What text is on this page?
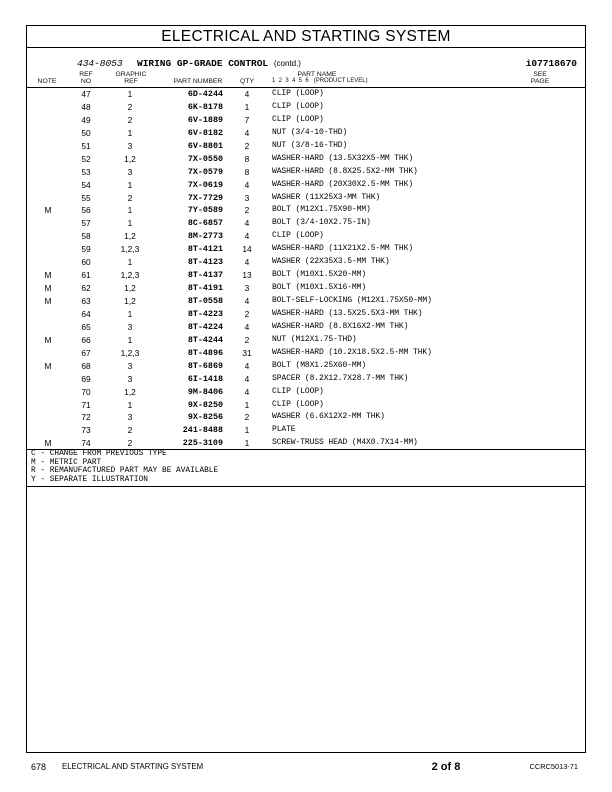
ELECTRICAL AND STARTING SYSTEM
434-8053 WIRING GP-GRADE CONTROL (contd.)	i07718670
NOTE
REF
NO
GRAPHIC
REF	PART NUMBER	QTY
PART NAME
1  2  3  4  5  6   (PRODUCT LEVEL)
SEE
PAGE
47	1	6D-4244	4	CLIP (LOOP)
48	2	6K-8178	1	CLIP (LOOP)
49	2	6V-1889	7	CLIP (LOOP)
50	1	6V-8182	4	NUT (3/4-10-THD)
51	3	6V-8801	2	NUT (3/8-16-THD)
52	1,2	7X-0550	8	WASHER-HARD (13.5X32X5-MM THK)
53	3	7X-0579	8	WASHER-HARD (8.8X25.5X2-MM THK)
54	1	7X-0619	4	WASHER-HARD (20X30X2.5-MM THK)
55	2	7X-7729	3	WASHER (11X25X3-MM THK)
M	56	1	7Y-0589	2	BOLT (M12X1.75X90-MM)
57	1	8C-6857	4	BOLT (3/4-10X2.75-IN)
58	1,2	8M-2773	4	CLIP (LOOP)
59	1,2,3	8T-4121	14	WASHER-HARD (11X21X2.5-MM THK)
60	1	8T-4123	4	WASHER (22X35X3.5-MM THK)
M	61	1,2,3	8T-4137	13	BOLT (M10X1.5X20-MM)
M	62	1,2	8T-4191	3	BOLT (M10X1.5X16-MM)
M	63	1,2	8T-0558	4	BOLT-SELF-LOCKING (M12X1.75X50-MM)
64	1	8T-4223	2	WASHER-HARD (13.5X25.5X3-MM THK)
65	3	8T-4224	4	WASHER-HARD (8.8X16X2-MM THK)
M	66	1	8T-4244	2	NUT (M12X1.75-THD)
67	1,2,3	8T-4896	31	WASHER-HARD (10.2X18.5X2.5-MM THK)
M	68	3	8T-6869	4	BOLT (M8X1.25X60-MM)
69	3	6I-1418	4	SPACER (8.2X12.7X28.7-MM THK)
70	1,2	9M-8406	4	CLIP (LOOP)
71	1	9X-8250	1	CLIP (LOOP)
72	3	9X-8256	2	WASHER (6.6X12X2-MM THK)
73	2	241-8488	1	PLATE
M	74	2	225-3109	1	SCREW-TRUSS HEAD (M4X0.7X14-MM)
C - CHANGE FROM PREVIOUS TYPE
M - METRIC PART
R - REMANUFACTURED PART MAY BE AVAILABLE
Y - SEPARATE ILLUSTRATION
678 ELECTRICAL AND STARTING SYSTEM	2 of 8	CCRC5013-71
